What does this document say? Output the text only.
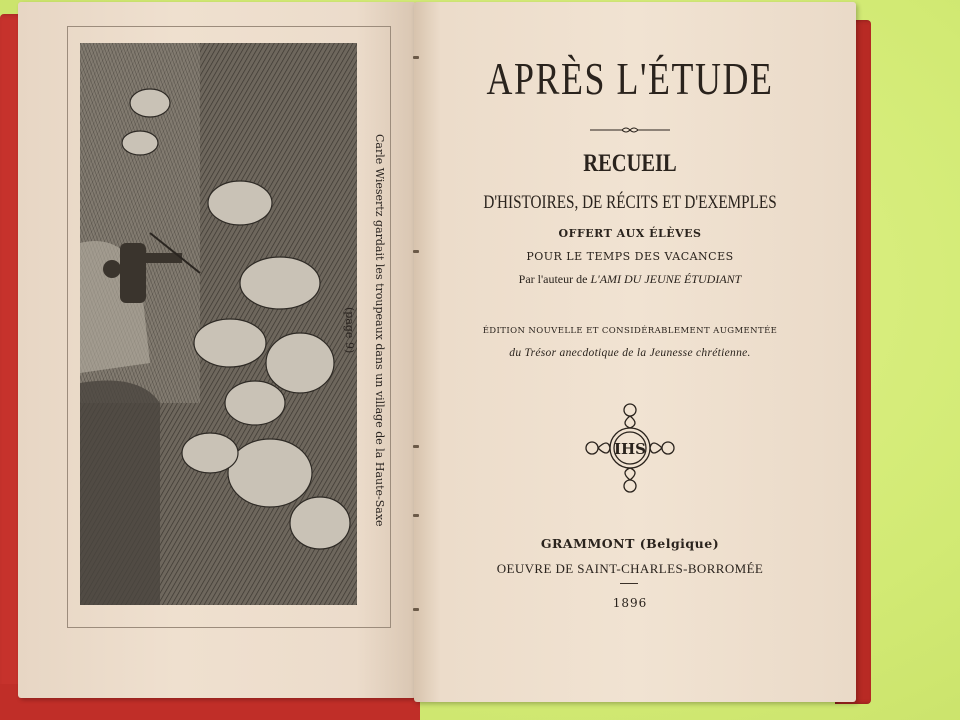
Carle Wiesertz gardait les troupeaux dans un village de la Haute-Saxe (page 9)
APRÈS L'ÉTUDE
RECUEIL
D'HISTOIRES, DE RÉCITS ET D'EXEMPLES
OFFERT AUX ÉLÈVES
POUR LE TEMPS DES VACANCES
Par l'auteur de L'AMI DU JEUNE ÉTUDIANT
ÉDITION NOUVELLE ET CONSIDÉRABLEMENT AUGMENTÉE
du Trésor anecdotique de la Jeunesse chrétienne.
IHS
GRAMMONT (Belgique)
OEUVRE DE SAINT-CHARLES-BORROMÉE
1896
